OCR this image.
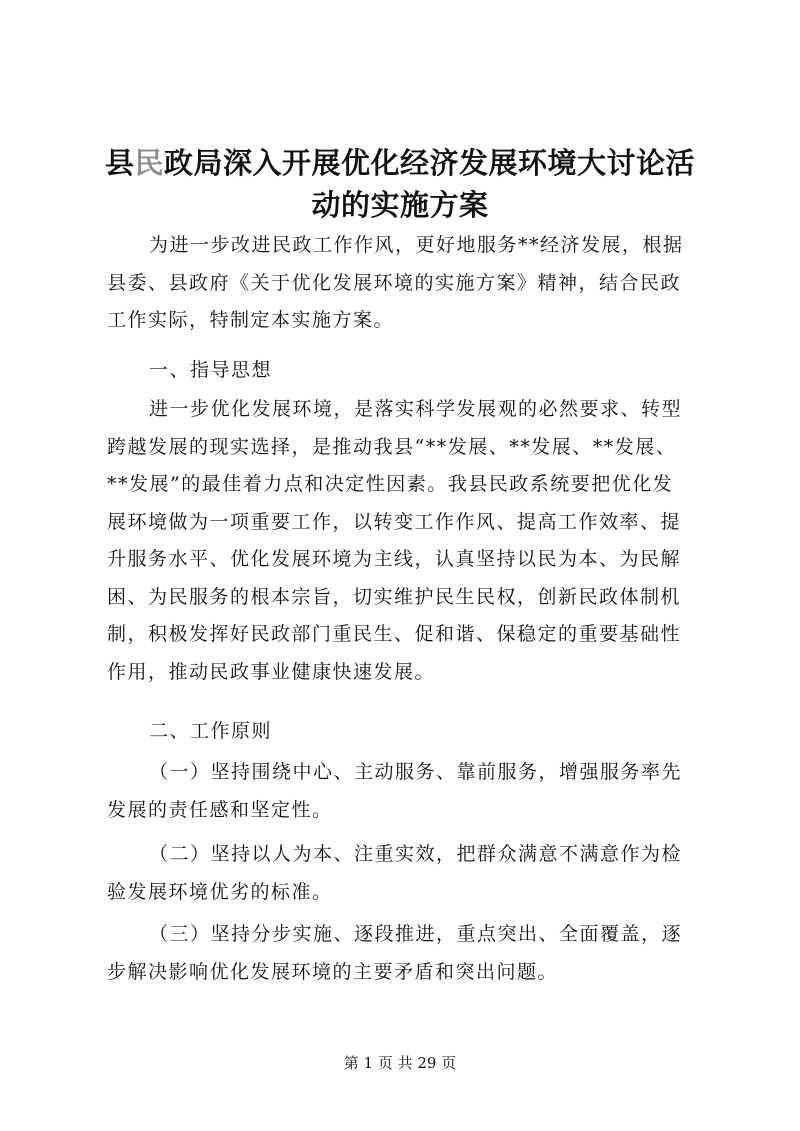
县民政局深入开展优化经济发展环境大讨论活
动的实施方案
为进一步改进民政工作作风，更好地服务**经济发展，根据
县委、县政府《关于优化发展环境的实施方案》精神，结合民政
工作实际，特制定本实施方案。
一、指导思想
进一步优化发展环境，是落实科学发展观的必然要求、转型
跨越发展的现实选择，是推动我县“**发展、**发展、**发展、
**发展”的最佳着力点和决定性因素。我县民政系统要把优化发
展环境做为一项重要工作，以转变工作作风、提高工作效率、提
升服务水平、优化发展环境为主线，认真坚持以民为本、为民解
困、为民服务的根本宗旨，切实维护民生民权，创新民政体制机
制，积极发挥好民政部门重民生、促和谐、保稳定的重要基础性
作用，推动民政事业健康快速发展。
二、工作原则
（一）坚持围绕中心、主动服务、靠前服务，增强服务率先
发展的责任感和坚定性。
（二）坚持以人为本、注重实效，把群众满意不满意作为检
验发展环境优劣的标准。
（三）坚持分步实施、逐段推进，重点突出、全面覆盖，逐
步解决影响优化发展环境的主要矛盾和突出问题。
第 1 页 共 29 页
